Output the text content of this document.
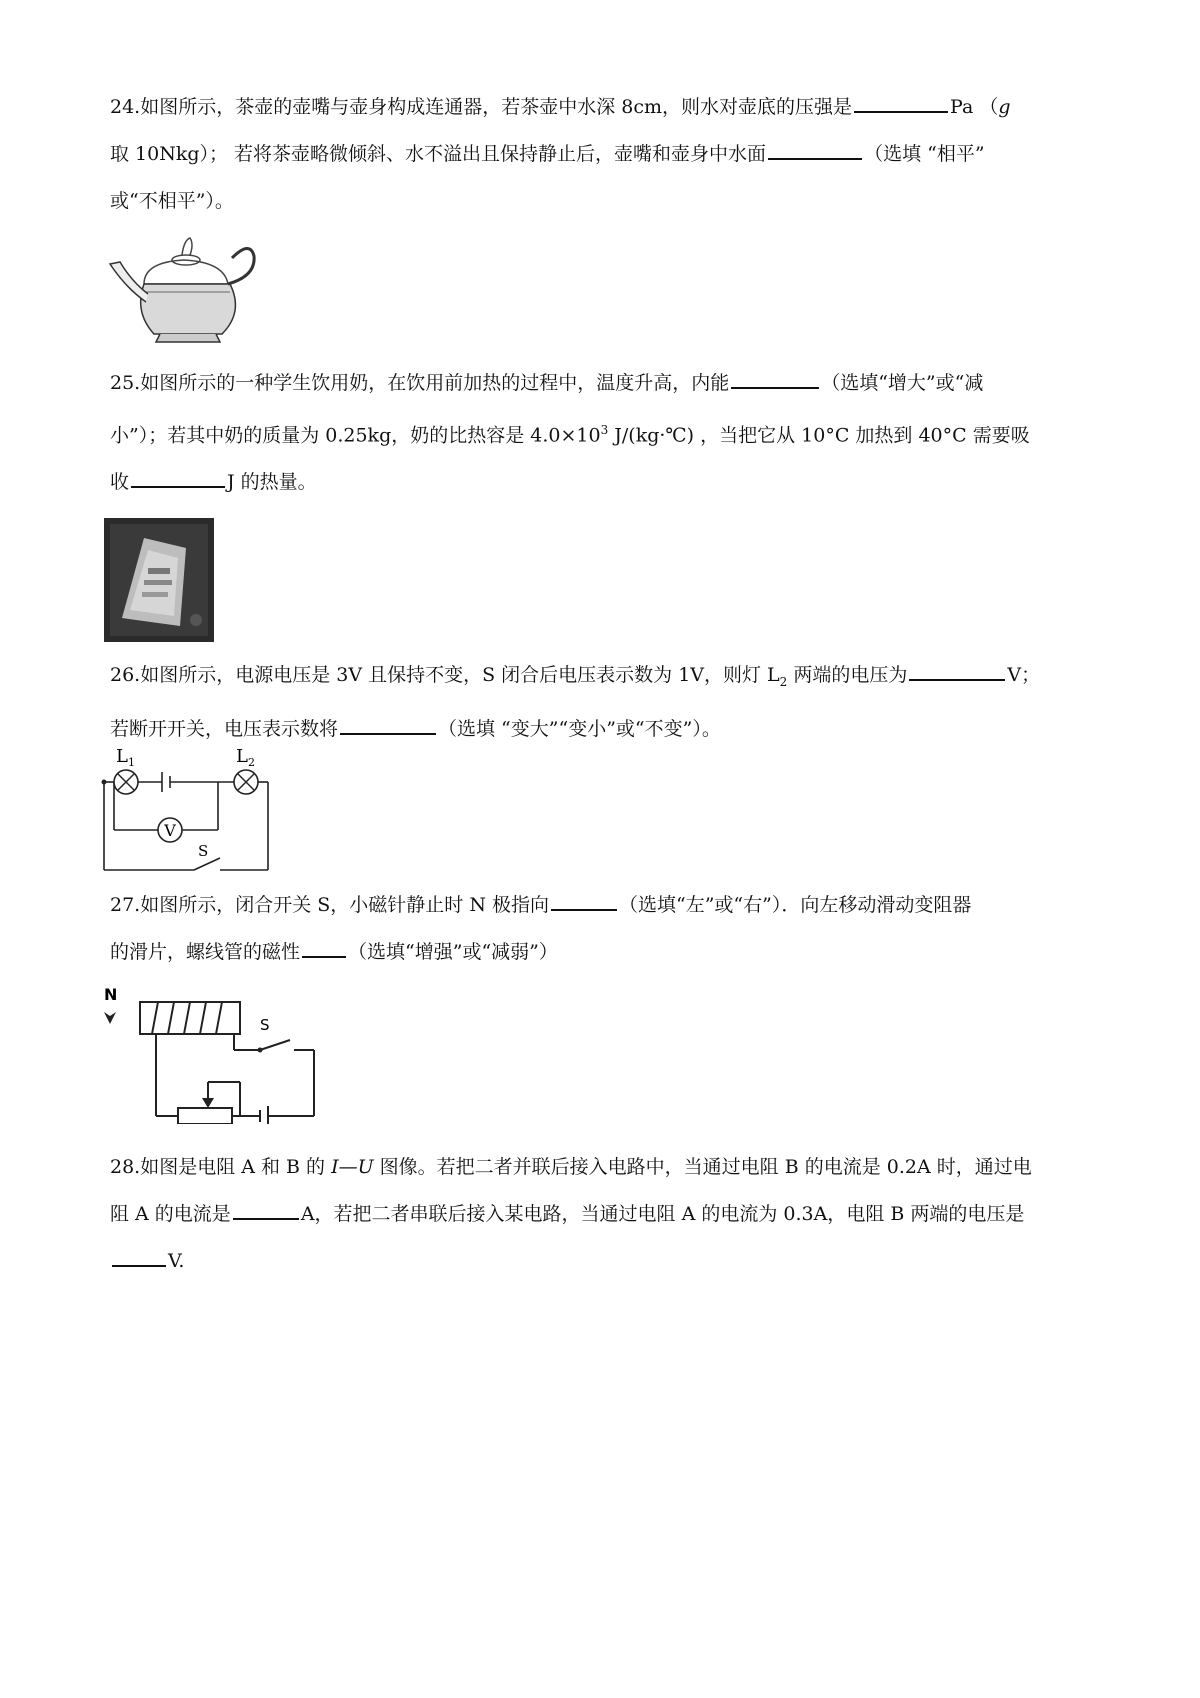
24.如图所示，茶壶的壶嘴与壶身构成连通器，若茶壶中水深 8cm，则水对壶底的压强是	Pa （g
取 10Nkg）； 若将茶壶略微倾斜、水不溢出且保持静止后，壶嘴和壶身中水面	（选填 “相平”
或“不相平”）。
25.如图所示的一种学生饮用奶，在饮用前加热的过程中，温度升高，内能	（选填“增大”或“减
小”）；若其中奶的质量为 0.25kg，奶的比热容是 $4.0\times 10^3$ J/(kg·℃) ，当把它从 10°C 加热到 40°C 需要吸
收	J 的热量。
26.如图所示，电源电压是 3V 且保持不变，S 闭合后电压表示数为 1V，则灯 $L_2$ 两端的电压为	V；
若断开开关，电压表示数将	（选填 “变大”“变小”或“不变”）。
V
L 1	L 2
S
27.如图所示，闭合开关 S，小磁针静止时 N 极指向	（选填“左”或“右”）．向左移动滑动变阻器
的滑片，螺线管的磁性	（选填“增强”或“减弱”）
N
S
28.如图是电阻 A 和 B 的 I—U 图像。若把二者并联后接入电路中，当通过电阻 B 的电流是 0.2A 时，通过电
阻 A 的电流是	A，若把二者串联后接入某电路，当通过电阻 A 的电流为 0.3A，电阻 B 两端的电压是
V.
